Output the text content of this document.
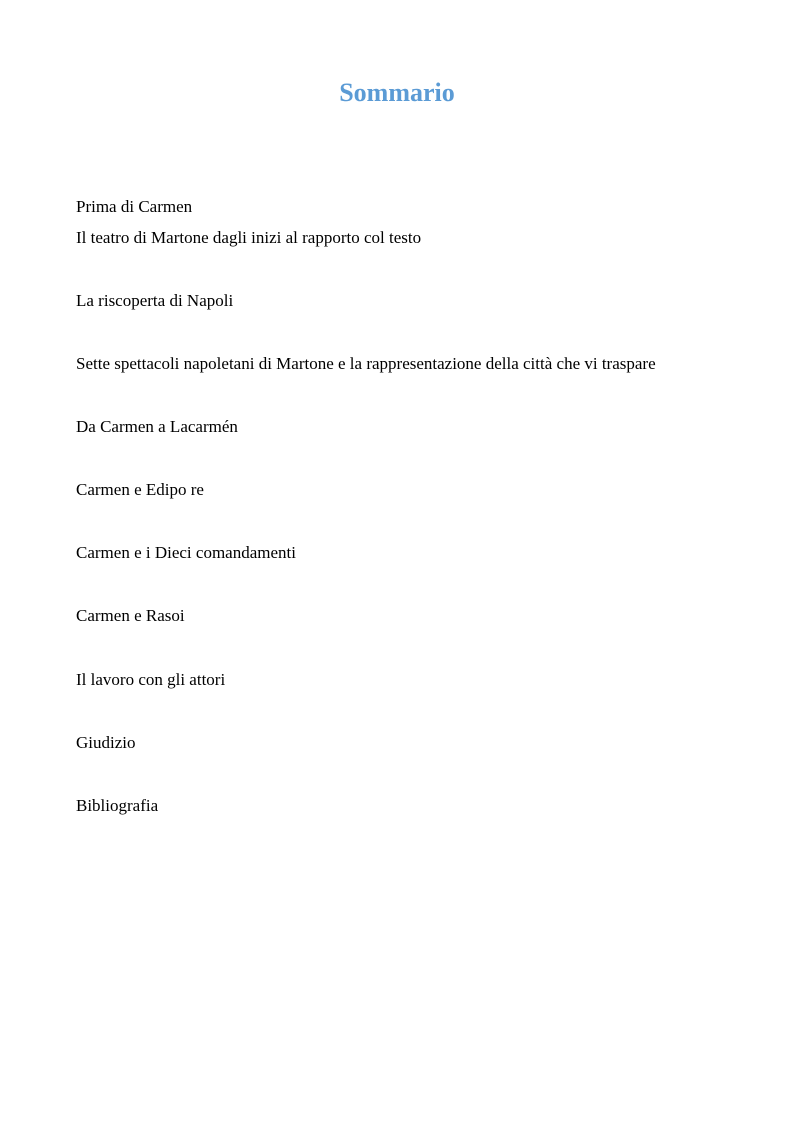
Sommario

Prima di Carmen

Il teatro di Martone dagli inizi al rapporto col testo

La riscoperta di Napoli

Sette spettacoli napoletani di Martone e la rappresentazione della città che vi traspare

Da Carmen a Lacarmén

Carmen e Edipo re

Carmen e i Dieci comandamenti

Carmen e Rasoi

Il lavoro con gli attori

Giudizio

Bibliografia
